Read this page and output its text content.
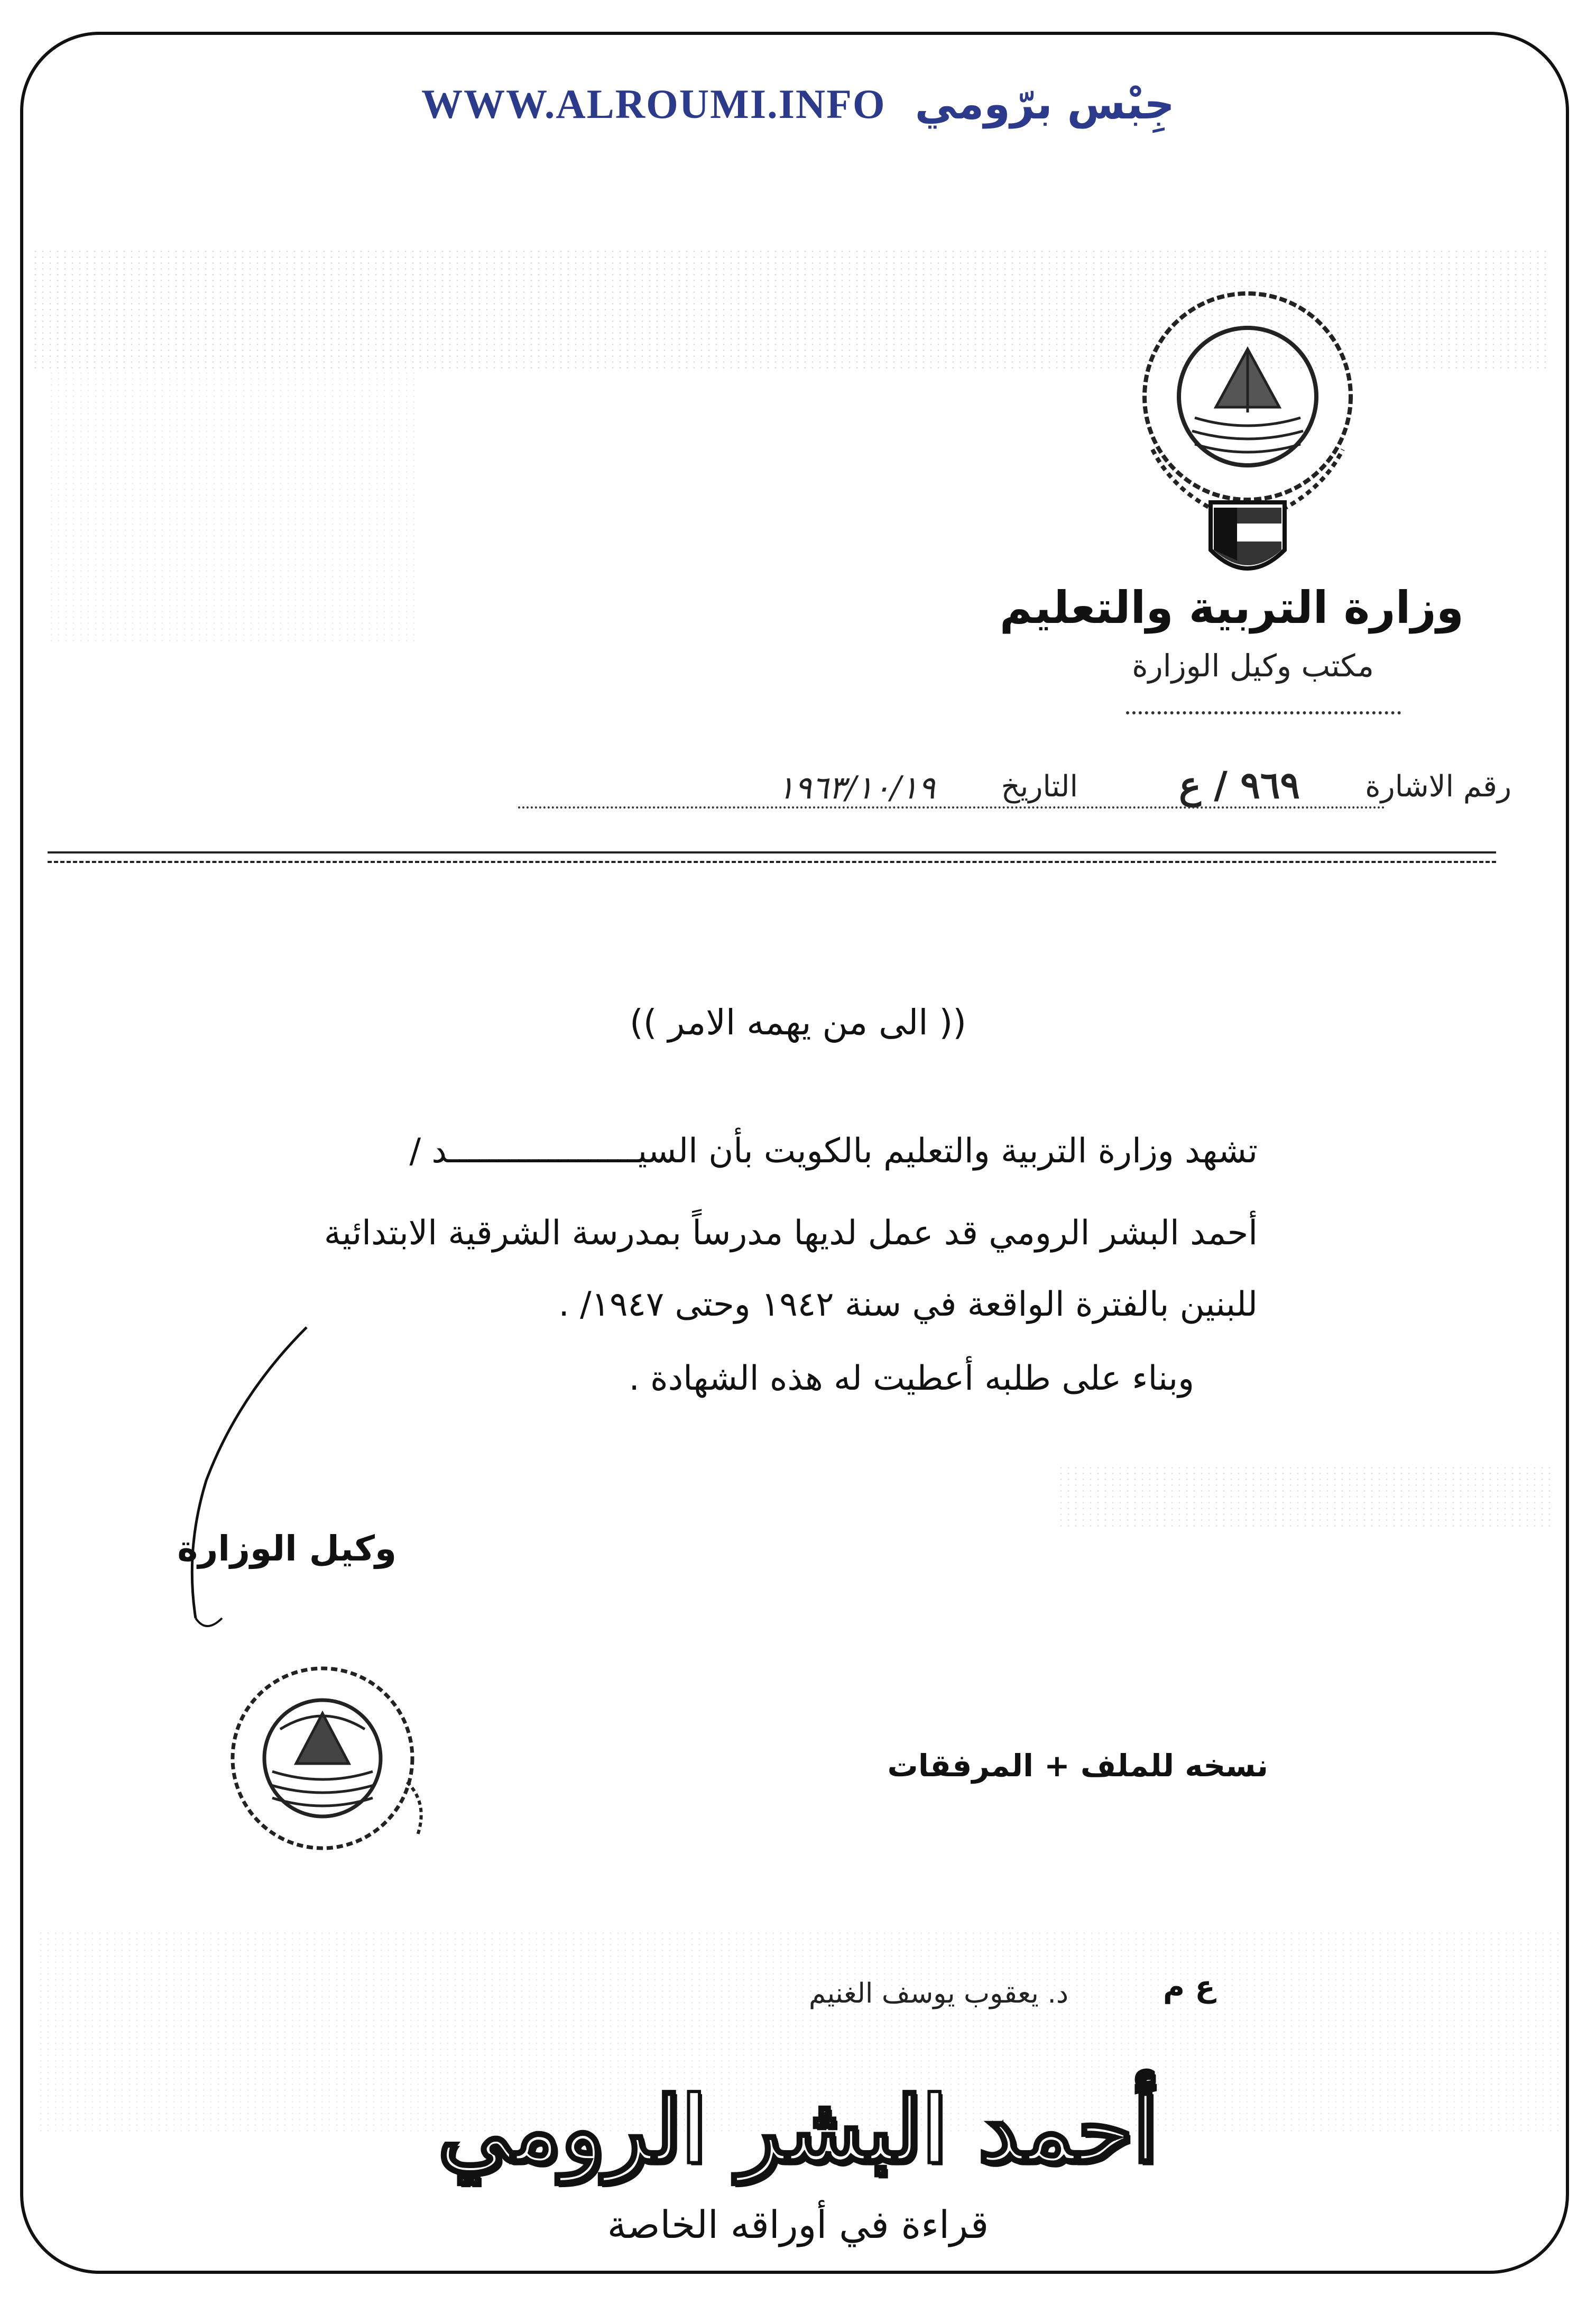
WWW.ALROUMI.INFO جِبْس برّومي
وزارة التربية والتعليم
مكتب وكيل الوزارة
رقم الاشارة
٩٦٩ / ع
التاريخ
١٩٦٣/١٠/١٩
(( الى من يهمه الامر ))
تشهد وزارة التربية والتعليم بالكويت بأن السيـــــــــــــــــــد /
أحمد البشر الرومي قد عمل لديها مدرساً بمدرسة الشرقية الابتدائية
للبنين بالفترة الواقعة في سنة ١٩٤٢ وحتى ١٩٤٧/ .
وبناء على طلبه أعطيت له هذه الشهادة .
وكيل الوزارة
نسخه للملف + المرفقات
ع م
د. يعقوب يوسف الغنيم
أحمد البشر الرومي
قراءة في أوراقه الخاصة
